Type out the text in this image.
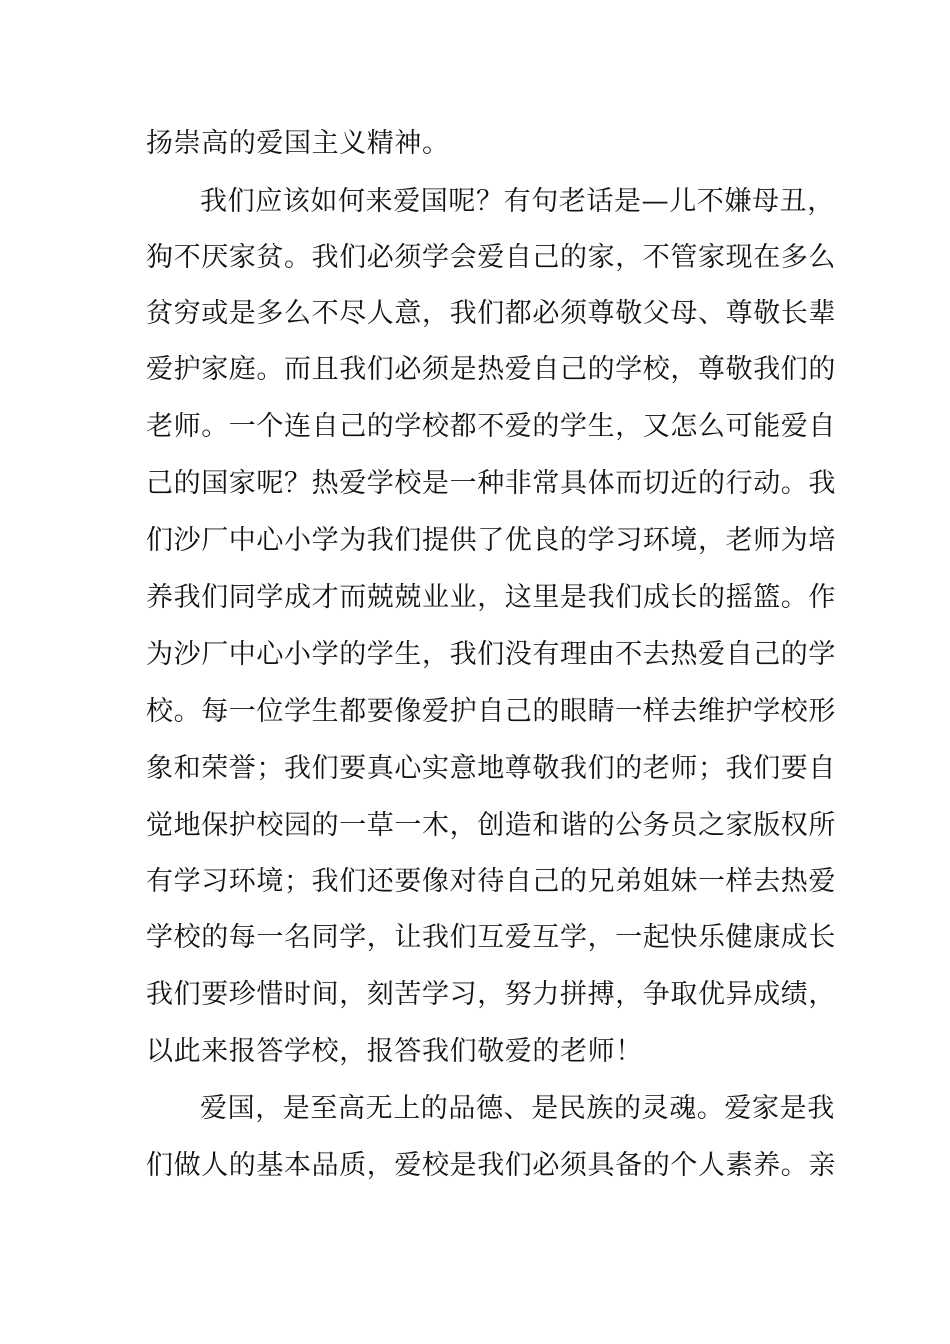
扬崇高的爱国主义精神。
我们应该如何来爱国呢？有句老话是—儿不嫌母丑，
狗不厌家贫。我们必须学会爱自己的家，不管家现在多么
贫穷或是多么不尽人意，我们都必须尊敬父母、尊敬长辈
爱护家庭。而且我们必须是热爱自己的学校，尊敬我们的
老师。一个连自己的学校都不爱的学生，又怎么可能爱自
己的国家呢？热爱学校是一种非常具体而切近的行动。我
们沙厂中心小学为我们提供了优良的学习环境，老师为培
养我们同学成才而兢兢业业，这里是我们成长的摇篮。作
为沙厂中心小学的学生，我们没有理由不去热爱自己的学
校。每一位学生都要像爱护自己的眼睛一样去维护学校形
象和荣誉；我们要真心实意地尊敬我们的老师；我们要自
觉地保护校园的一草一木，创造和谐的公务员之家版权所
有学习环境；我们还要像对待自己的兄弟姐妹一样去热爱
学校的每一名同学，让我们互爱互学，一起快乐健康成长
我们要珍惜时间，刻苦学习，努力拼搏，争取优异成绩，
以此来报答学校，报答我们敬爱的老师！
爱国，是至高无上的品德、是民族的灵魂。爱家是我
们做人的基本品质，爱校是我们必须具备的个人素养。亲
